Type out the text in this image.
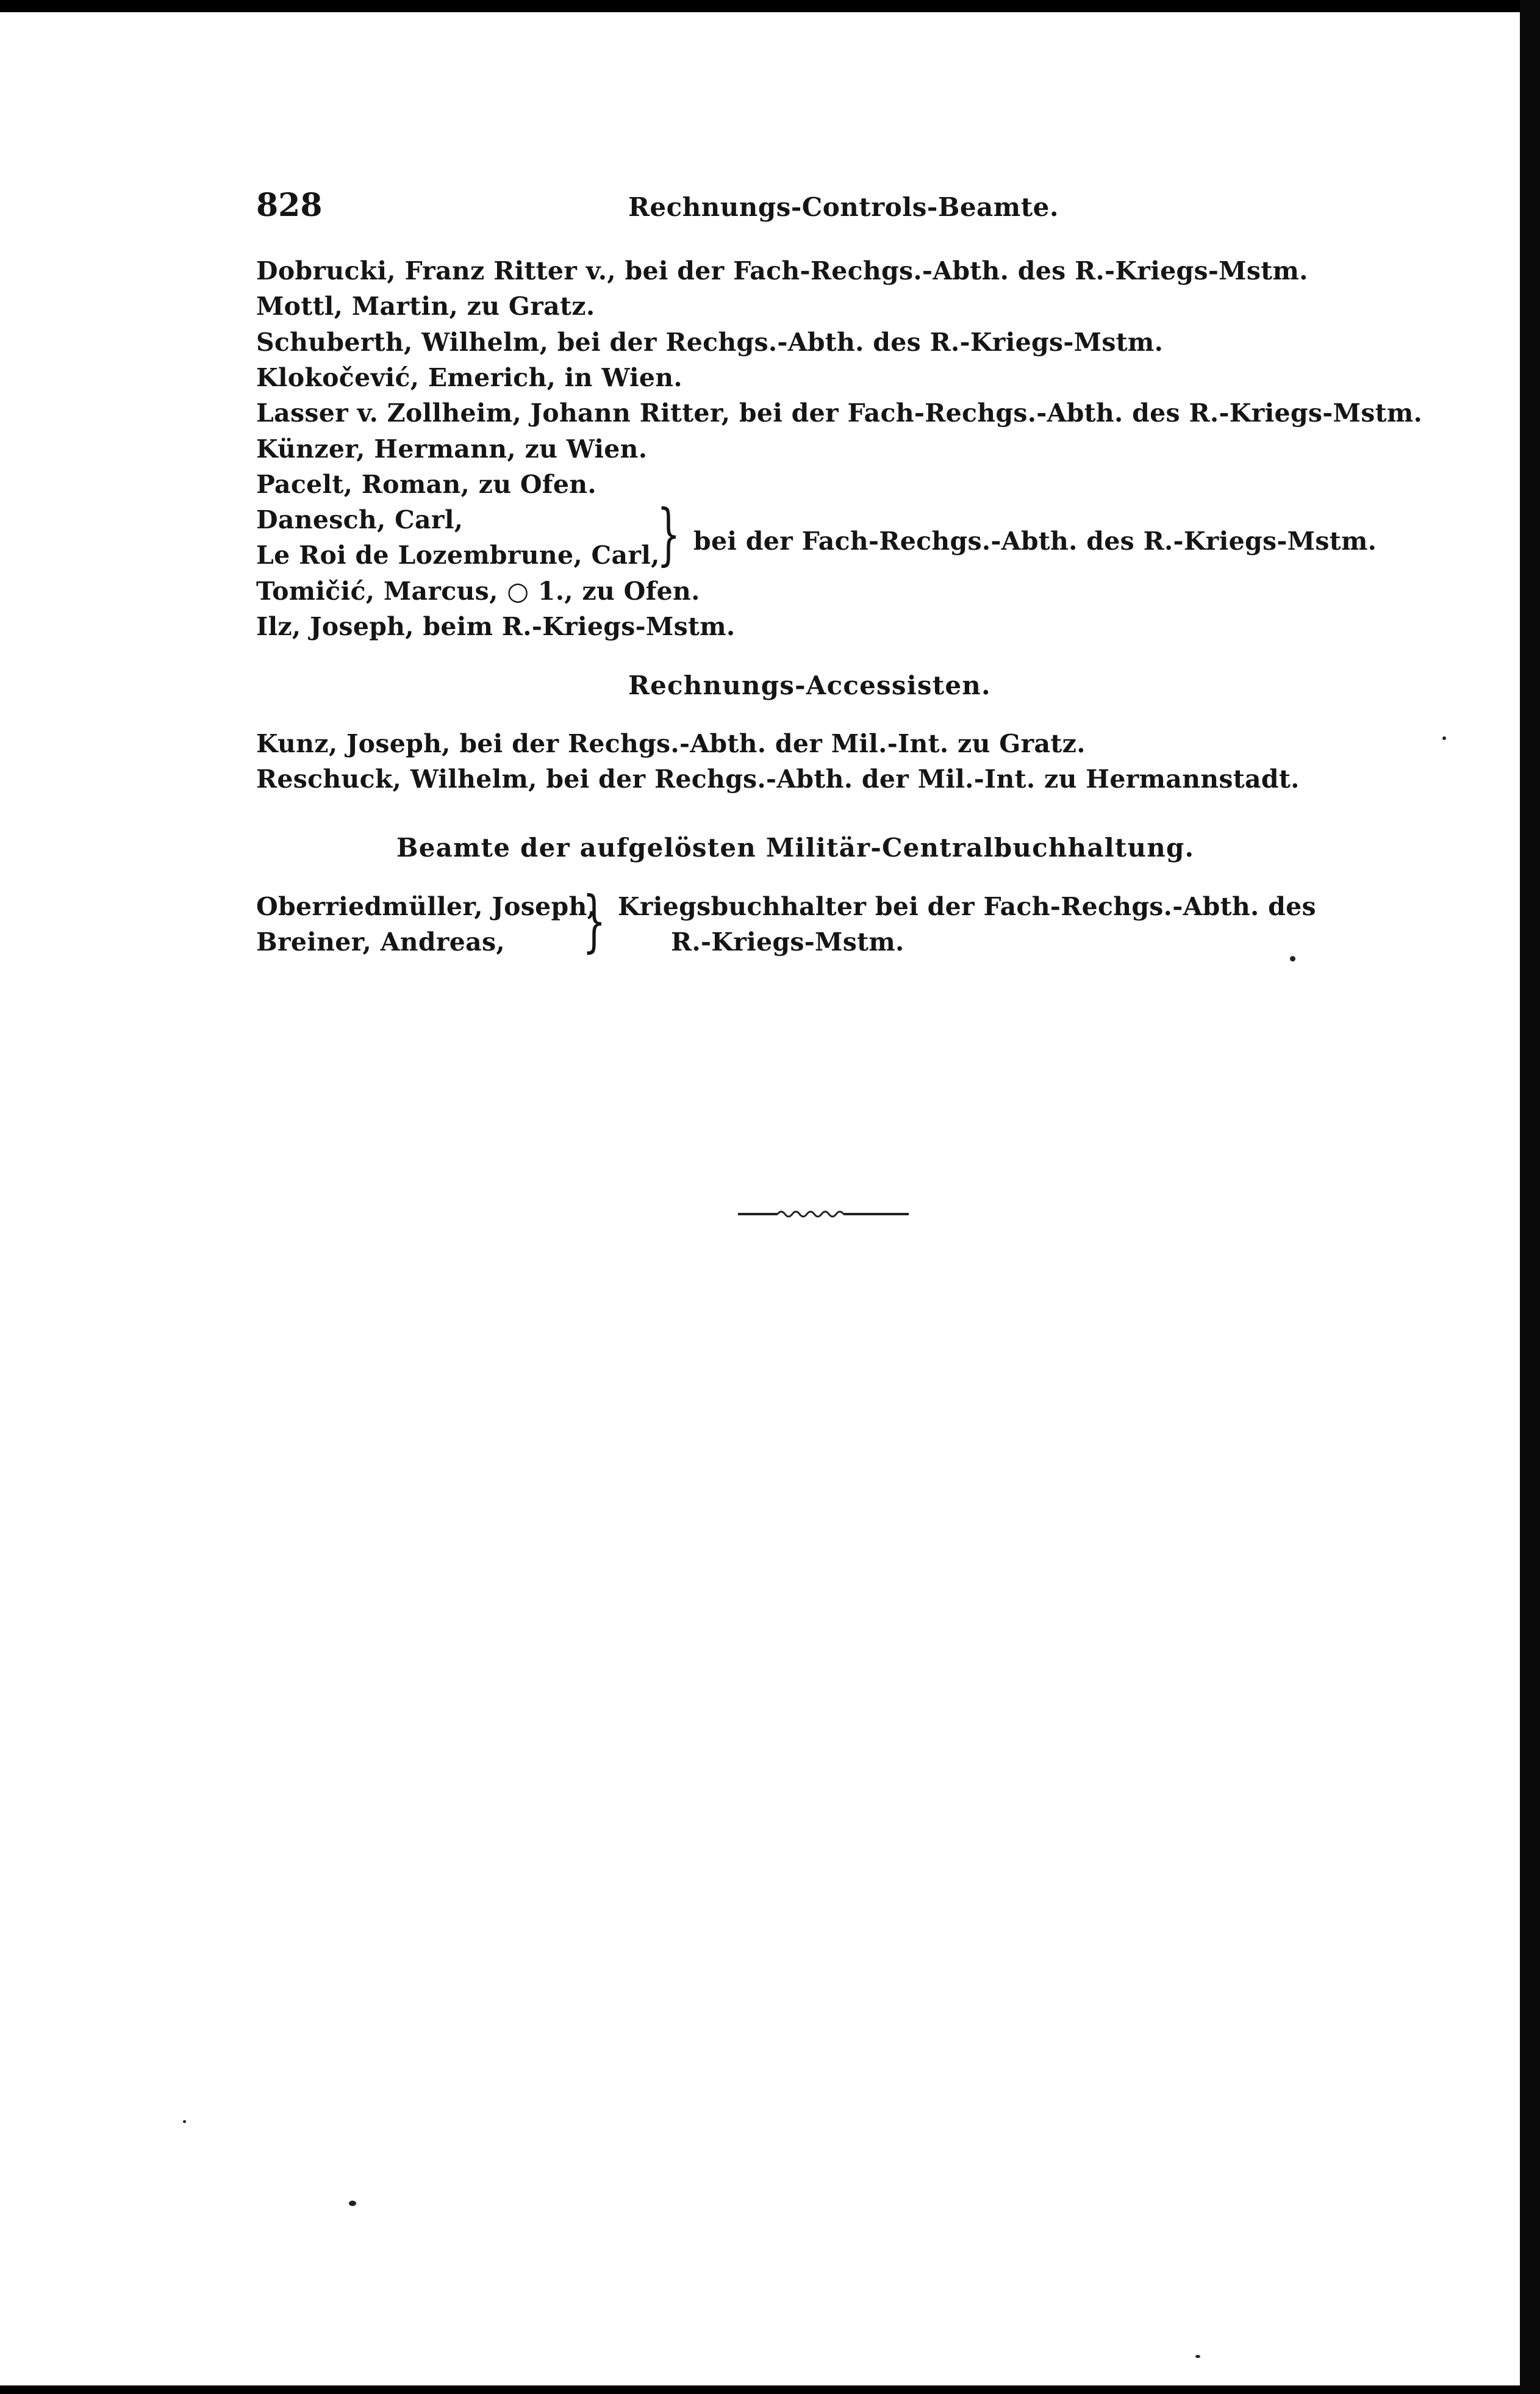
828	Rechnungs-Controls-Beamte.
Dobrucki, Franz Ritter v., bei der Fach-Rechgs.-Abth. des R.-Kriegs-Mstm.
Mottl, Martin, zu Gratz.
Schuberth, Wilhelm, bei der Rechgs.-Abth. des R.-Kriegs-Mstm.
Klokočević, Emerich, in Wien.
Lasser v. Zollheim, Johann Ritter, bei der Fach-Rechgs.-Abth. des R.-Kriegs-Mstm.
Künzer, Hermann, zu Wien.
Pacelt, Roman, zu Ofen.
Danesch, Carl,
Le Roi de Lozembrune, Carl,
} bei der Fach-Rechgs.-Abth. des R.-Kriegs-Mstm.
Tomičić, Marcus, ○ 1., zu Ofen.
Ilz, Joseph, beim R.-Kriegs-Mstm.
Rechnungs-Accessisten.
Kunz, Joseph, bei der Rechgs.-Abth. der Mil.-Int. zu Gratz.
Reschuck, Wilhelm, bei der Rechgs.-Abth. der Mil.-Int. zu Hermannstadt.
Beamte der aufgelösten Militär-Centralbuchhaltung.
Oberriedmüller, Joseph,
Breiner, Andreas, } Kriegsbuchhalter bei der Fach-Rechgs.-Abth. des
R.-Kriegs-Mstm.
